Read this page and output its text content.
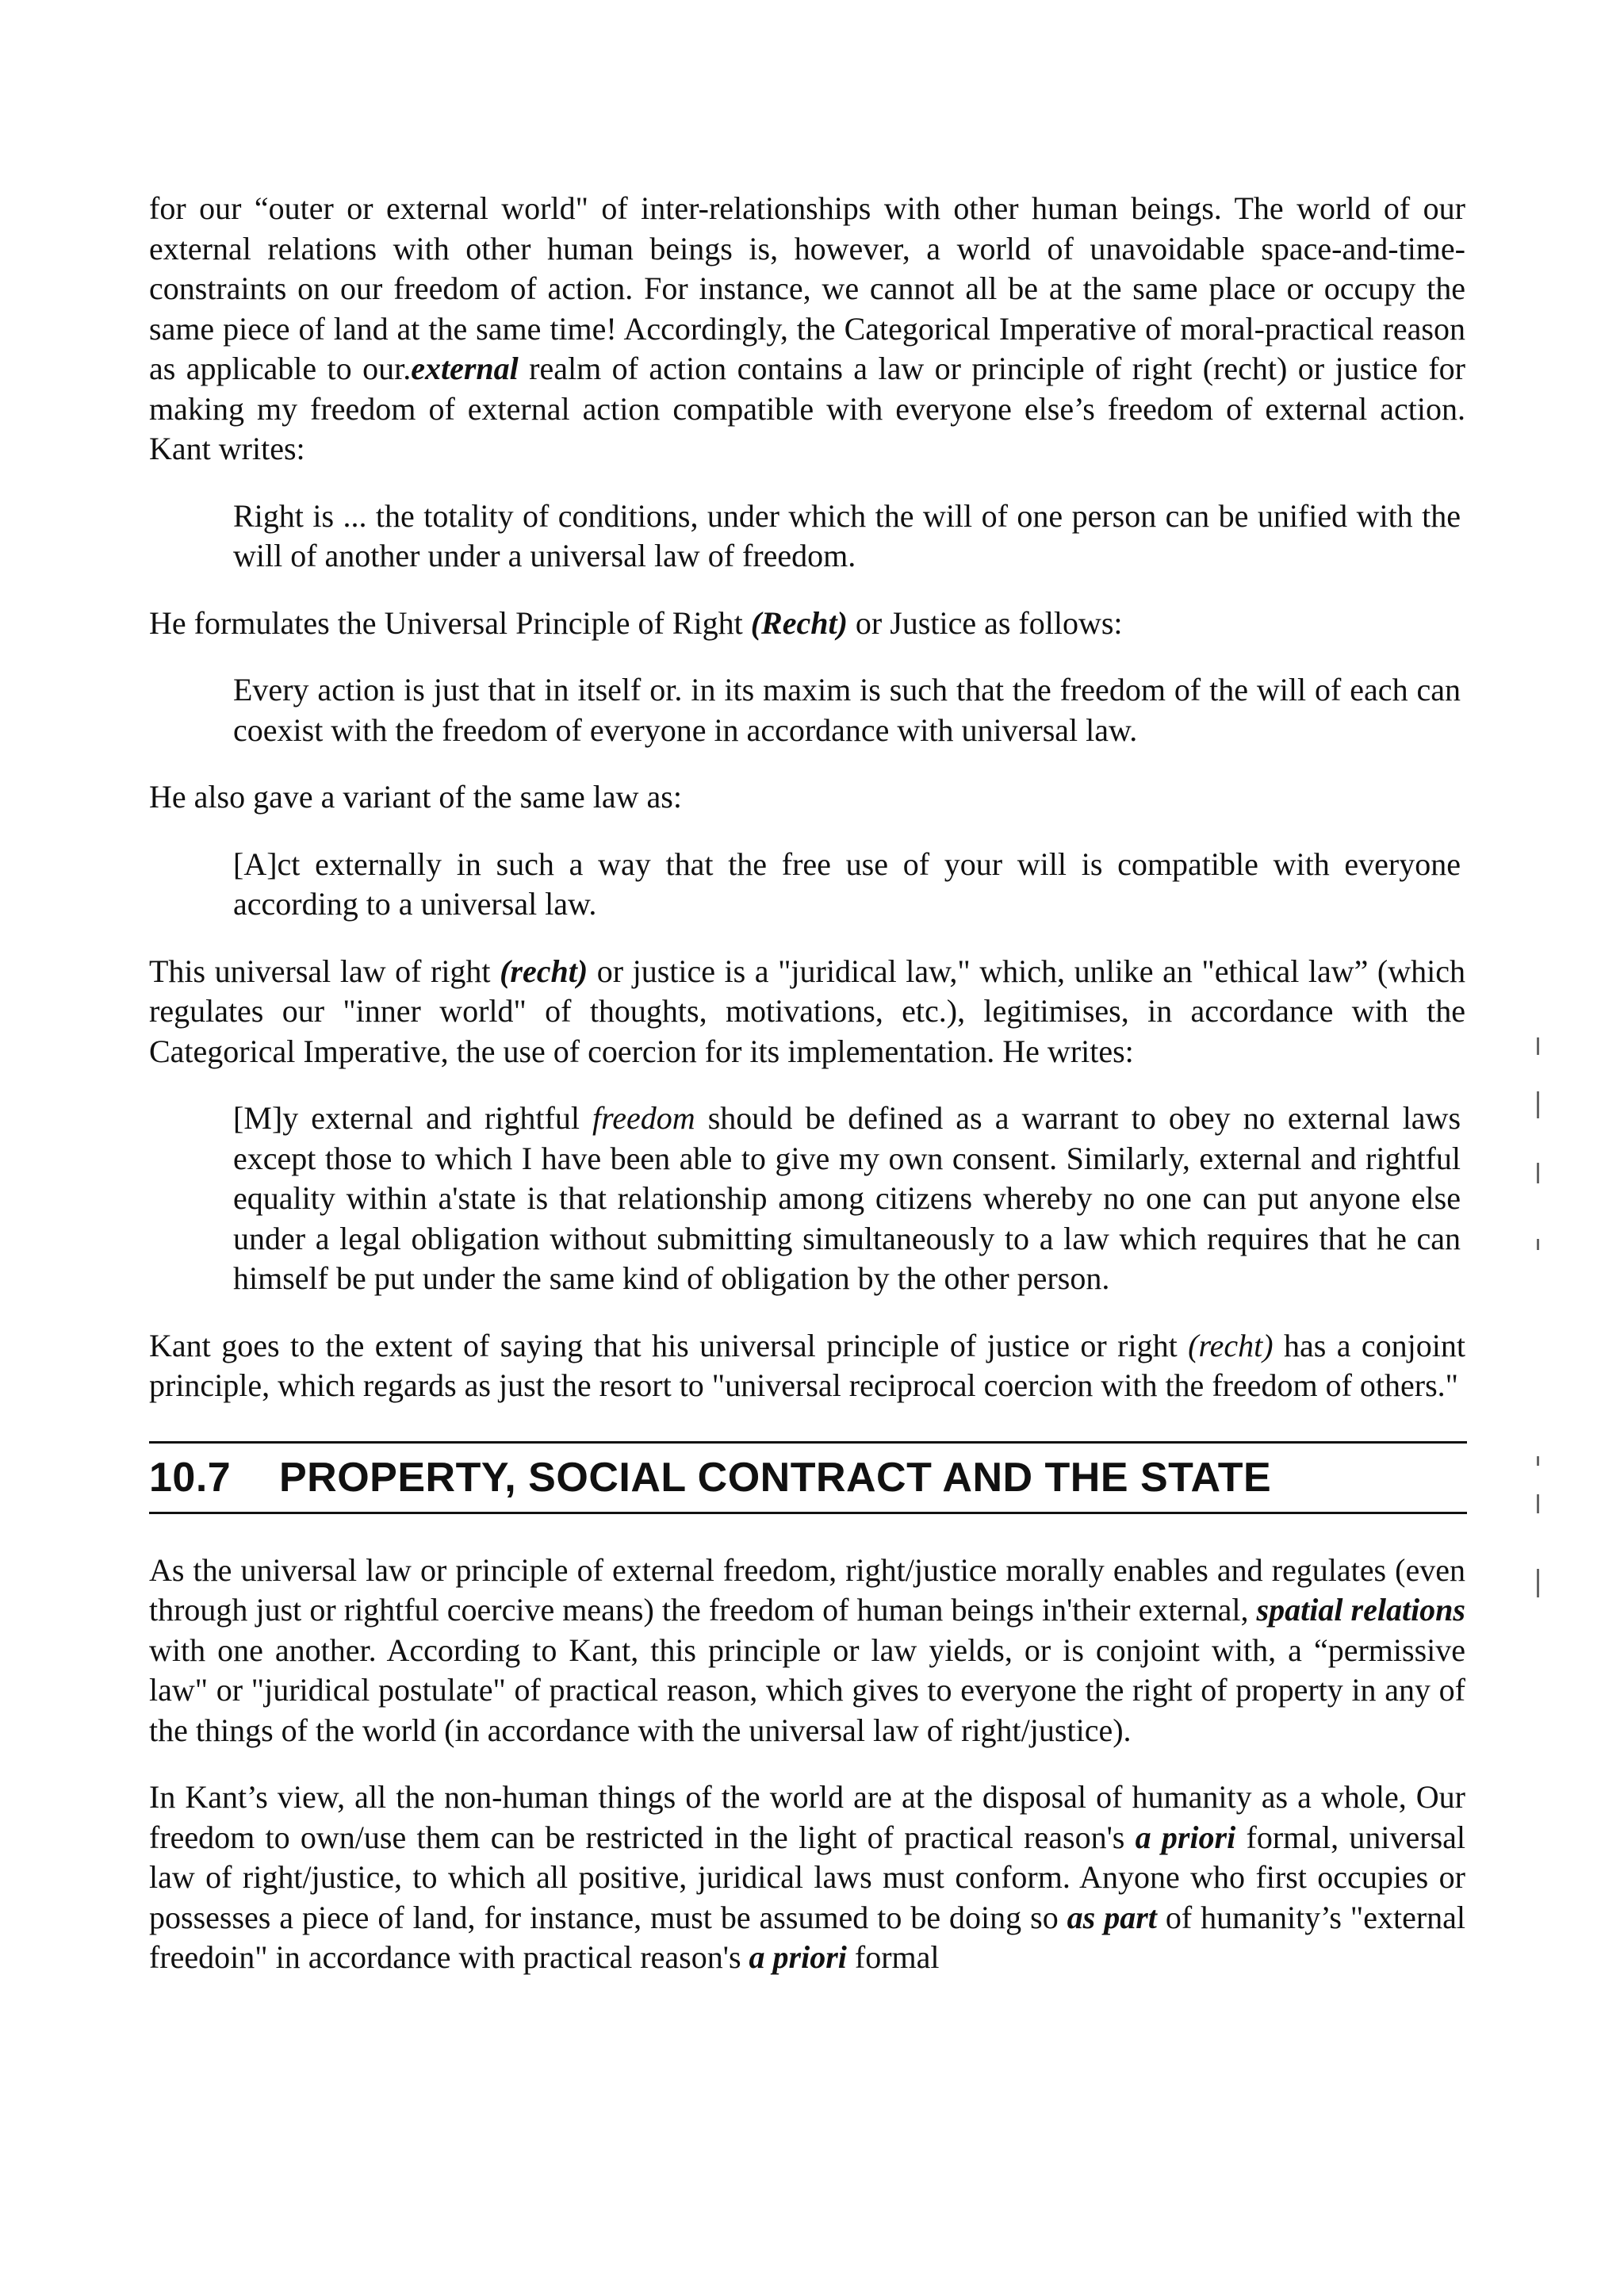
for our “outer or external world" of inter-relationships with other human beings. The world of our external relations with other human beings is, however, a world of unavoidable space-and-time-constraints on our freedom of action. For instance, we cannot all be at the same place or occupy the same piece of land at the same time! Accordingly, the Categorical Imperative of moral-practical reason as applicable to our.external realm of action contains a law or principle of right (recht) or justice for making my freedom of external action compatible with everyone else’s freedom of external action. Kant writes:

Right is ... the totality of conditions, under which the will of one person can be unified with the will of another under a universal law of freedom.

He formulates the Universal Principle of Right (Recht) or Justice as follows:

Every action is just that in itself or. in its maxim is such that the freedom of the will of each can coexist with the freedom of everyone in accordance with universal law.

He also gave a variant of the same law as:

[A]ct externally in such a way that the free use of your will is compatible with everyone according to a universal law.

This universal law of right (recht) or justice is a "juridical law," which, unlike an "ethical law” (which regulates our "inner world" of thoughts, motivations, etc.), legitimises, in accordance with the Categorical Imperative, the use of coercion for its implementation. He writes:

[M]y external and rightful freedom should be defined as a warrant to obey no external laws except those to which I have been able to give my own consent. Similarly, external and rightful equality within a'state is that relationship among citizens whereby no one can put anyone else under a legal obligation without submitting simultaneously to a law which requires that he can himself be put under the same kind of obligation by the other person.

Kant goes to the extent of saying that his universal principle of justice or right (recht) has a conjoint principle, which regards as just the resort to "universal reciprocal coercion with the freedom of others."

10.7	PROPERTY, SOCIAL CONTRACT AND THE STATE

As the universal law or principle of external freedom, right/justice morally enables and regulates (even through just or rightful coercive means) the freedom of human beings in'their external, spatial relations with one another. According to Kant, this principle or law yields, or is conjoint with, a “permissive law" or "juridical postulate" of practical reason, which gives to everyone the right of property in any of the things of the world (in accordance with the universal law of right/justice).

In Kant’s view, all the non-human things of the world are at the disposal of humanity as a whole, Our freedom to own/use them can be restricted in the light of practical reason's a priori formal, universal law of right/justice, to which all positive, juridical laws must conform. Anyone who first occupies or possesses a piece of land, for instance, must be assumed to be doing so as part of humanity’s "external freedoin" in accordance with practical reason's a priori formal
